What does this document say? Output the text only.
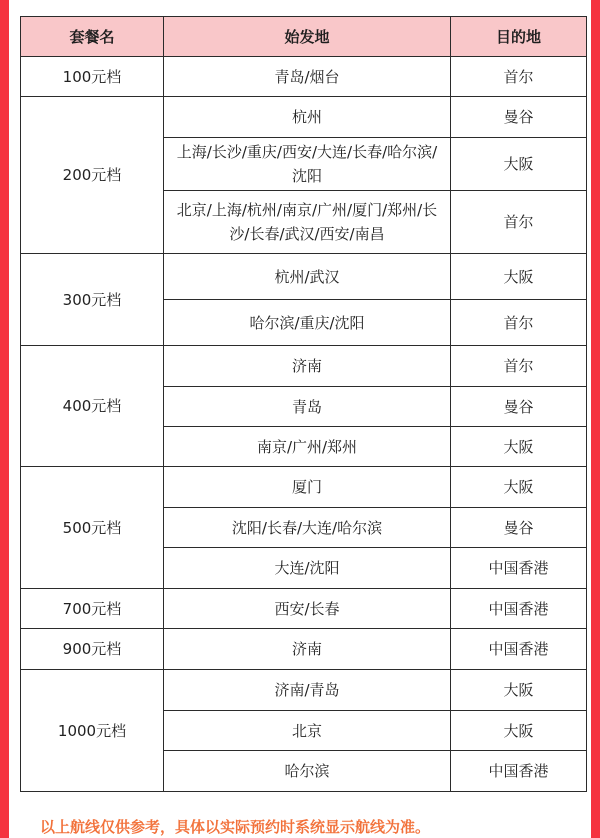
套餐名	始发地	目的地
100元档	青岛/烟台	首尔
200元档	杭州	曼谷
	上海/长沙/重庆/西安/大连/长春/哈尔滨/沈阳	大阪
	北京/上海/杭州/南京/广州/厦门/郑州/长沙/长春/武汉/西安/南昌	首尔
300元档	杭州/武汉	大阪
	哈尔滨/重庆/沈阳	首尔
400元档	济南	首尔
	青岛	曼谷
	南京/广州/郑州	大阪
500元档	厦门	大阪
	沈阳/长春/大连/哈尔滨	曼谷
	大连/沈阳	中国香港
700元档	西安/长春	中国香港
900元档	济南	中国香港
1000元档	济南/青岛	大阪
	北京	大阪
	哈尔滨	中国香港
以上航线仅供参考，具体以实际预约时系统显示航线为准。
